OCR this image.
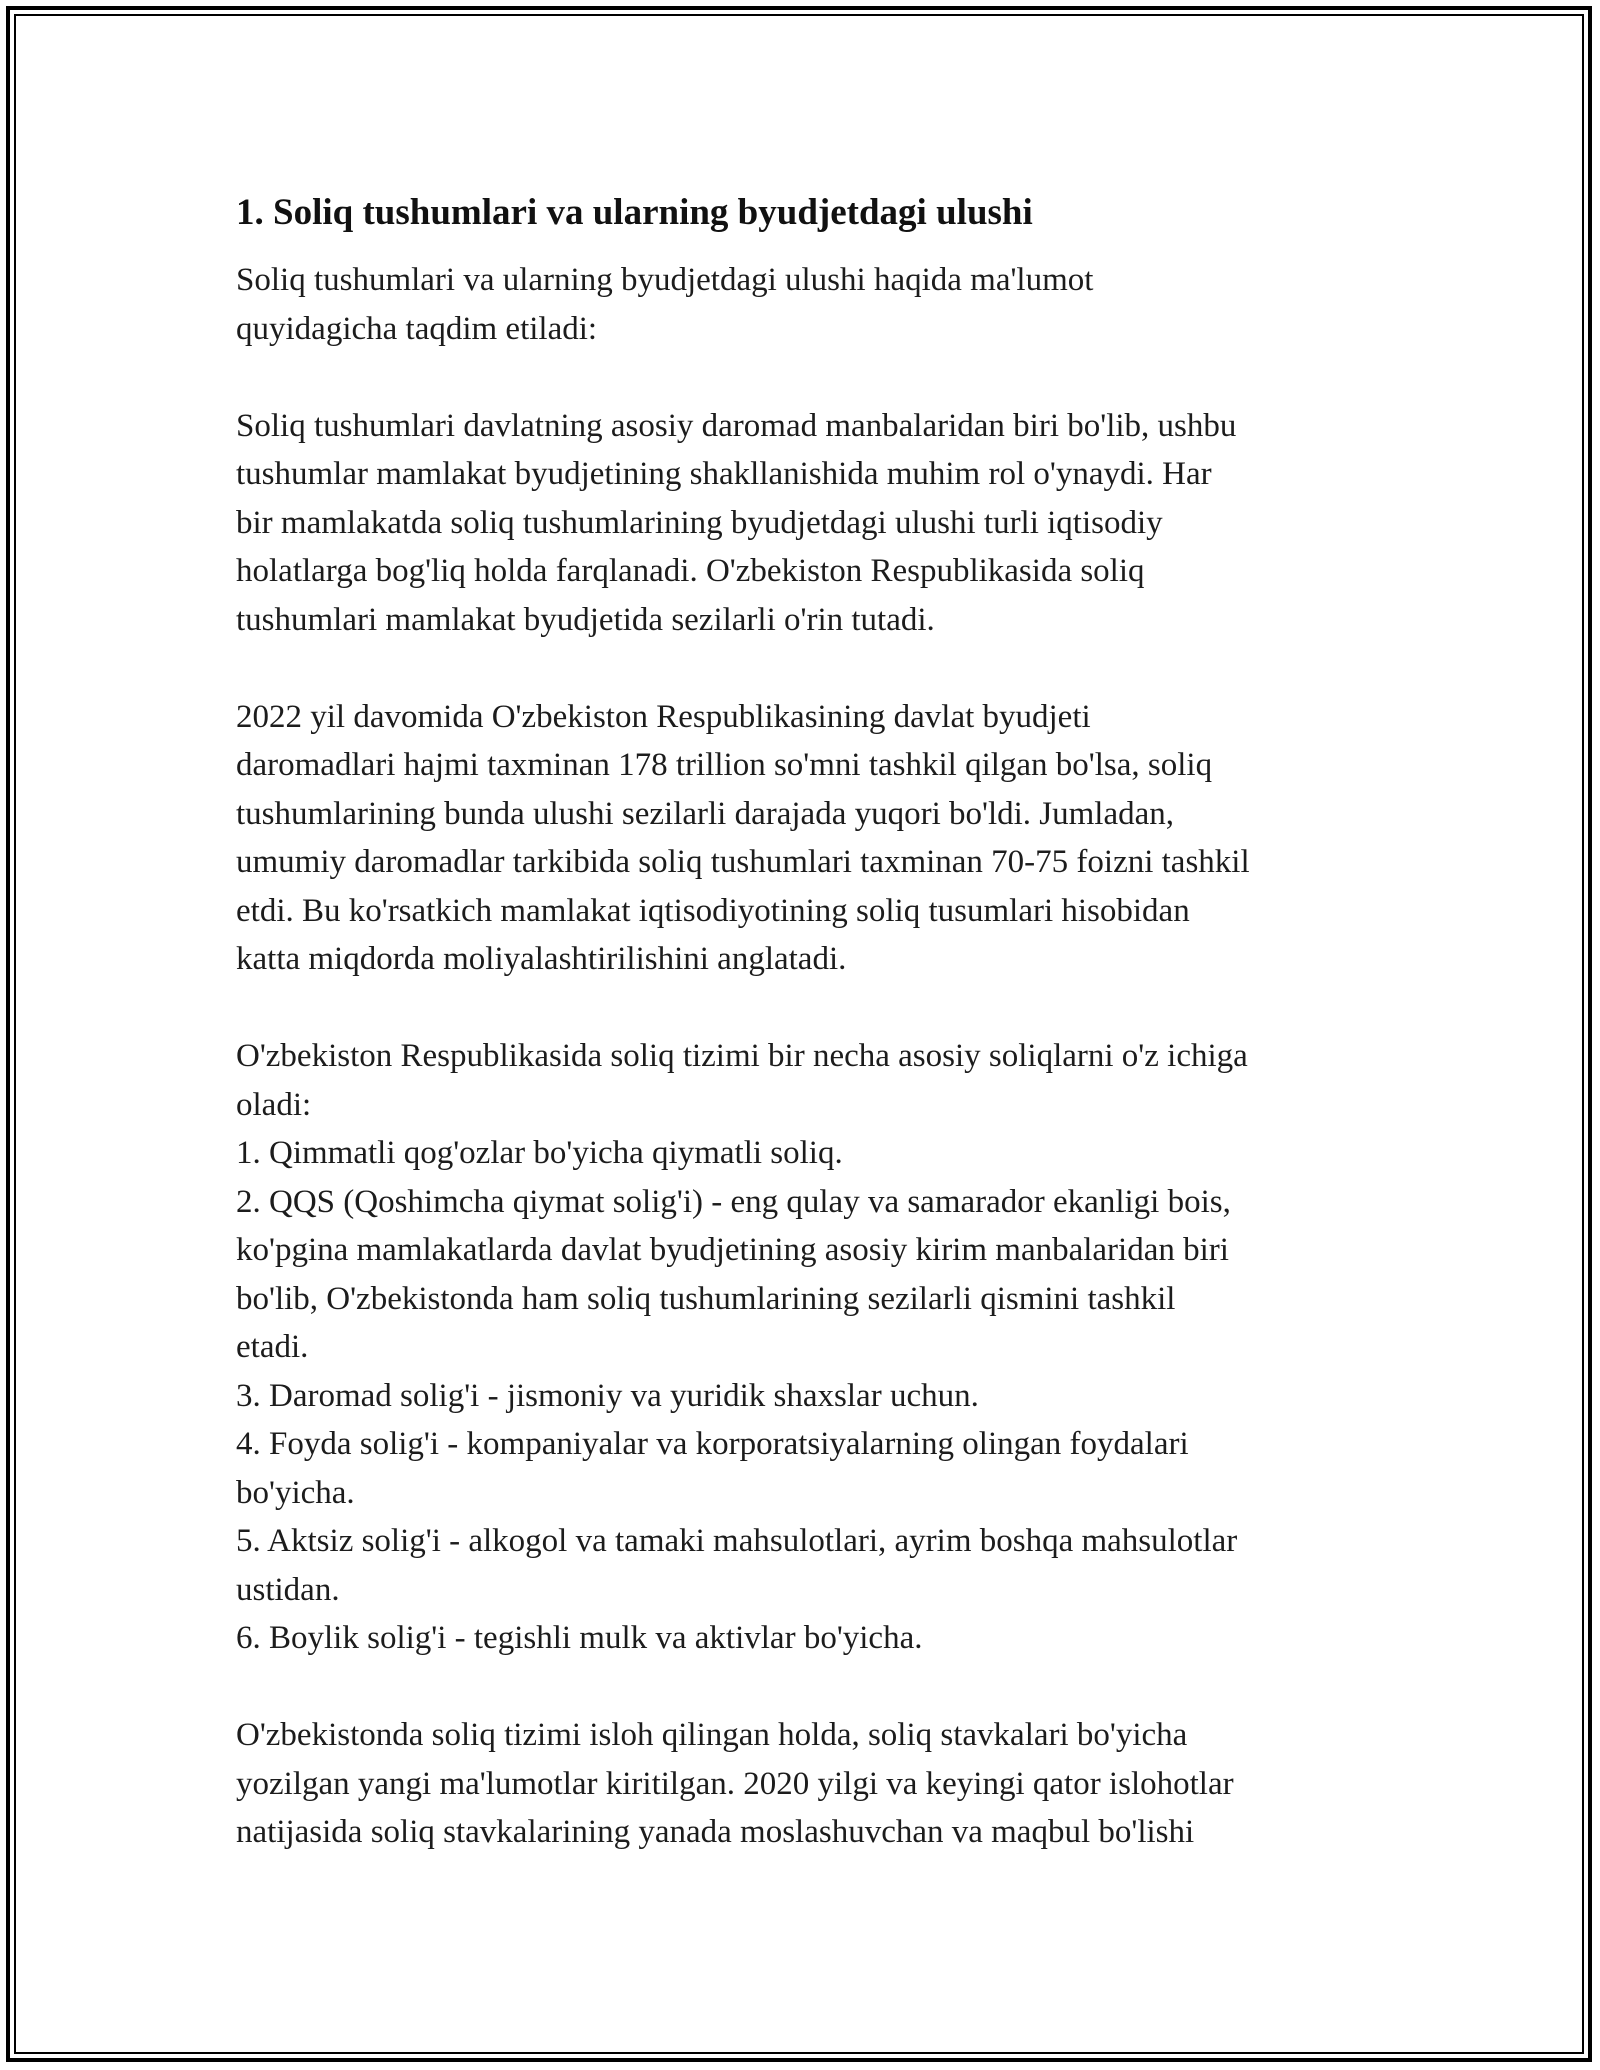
1. Soliq tushumlari va ularning byudjetdagi ulushi

Soliq tushumlari va ularning byudjetdagi ulushi haqida ma'lumot
quyidagicha taqdim etiladi:

Soliq tushumlari davlatning asosiy daromad manbalaridan biri bo'lib, ushbu
tushumlar mamlakat byudjetining shakllanishida muhim rol o'ynaydi. Har
bir mamlakatda soliq tushumlarining byudjetdagi ulushi turli iqtisodiy
holatlarga bog'liq holda farqlanadi. O'zbekiston Respublikasida soliq
tushumlari mamlakat byudjetida sezilarli o'rin tutadi.

2022 yil davomida O'zbekiston Respublikasining davlat byudjeti
daromadlari hajmi taxminan 178 trillion so'mni tashkil qilgan bo'lsa, soliq
tushumlarining bunda ulushi sezilarli darajada yuqori bo'ldi. Jumladan,
umumiy daromadlar tarkibida soliq tushumlari taxminan 70-75 foizni tashkil
etdi. Bu ko'rsatkich mamlakat iqtisodiyotining soliq tusumlari hisobidan
katta miqdorda moliyalashtirilishini anglatadi.

O'zbekiston Respublikasida soliq tizimi bir necha asosiy soliqlarni o'z ichiga
oladi:
1. Qimmatli qog'ozlar bo'yicha qiymatli soliq.
2. QQS (Qoshimcha qiymat solig'i) - eng qulay va samarador ekanligi bois,
ko'pgina mamlakatlarda davlat byudjetining asosiy kirim manbalaridan biri
bo'lib, O'zbekistonda ham soliq tushumlarining sezilarli qismini tashkil
etadi.
3. Daromad solig'i - jismoniy va yuridik shaxslar uchun.
4. Foyda solig'i - kompaniyalar va korporatsiyalarning olingan foydalari
bo'yicha.
5. Aktsiz solig'i - alkogol va tamaki mahsulotlari, ayrim boshqa mahsulotlar
ustidan.
6. Boylik solig'i - tegishli mulk va aktivlar bo'yicha.

O'zbekistonda soliq tizimi isloh qilingan holda, soliq stavkalari bo'yicha
yozilgan yangi ma'lumotlar kiritilgan. 2020 yilgi va keyingi qator islohotlar
natijasida soliq stavkalarining yanada moslashuvchan va maqbul bo'lishi
